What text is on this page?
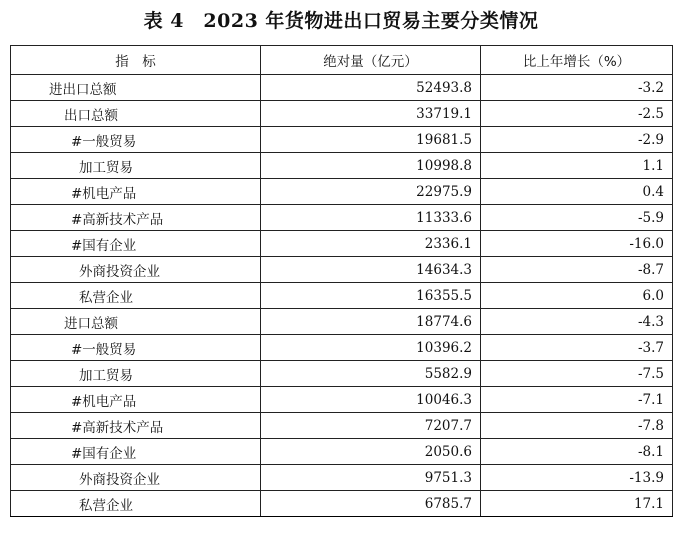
表 4　2023 年货物进出口贸易主要分类情况
指　标	绝对量（亿元）	比上年增长（%）
进出口总额	52493.8	-3.2
出口总额	33719.1	-2.5
#一般贸易	19681.5	-2.9
加工贸易	10998.8	1.1
#机电产品	22975.9	0.4
#高新技术产品	11333.6	-5.9
#国有企业	2336.1	-16.0
外商投资企业	14634.3	-8.7
私营企业	16355.5	6.0
进口总额	18774.6	-4.3
#一般贸易	10396.2	-3.7
加工贸易	5582.9	-7.5
#机电产品	10046.3	-7.1
#高新技术产品	7207.7	-7.8
#国有企业	2050.6	-8.1
外商投资企业	9751.3	-13.9
私营企业	6785.7	17.1
